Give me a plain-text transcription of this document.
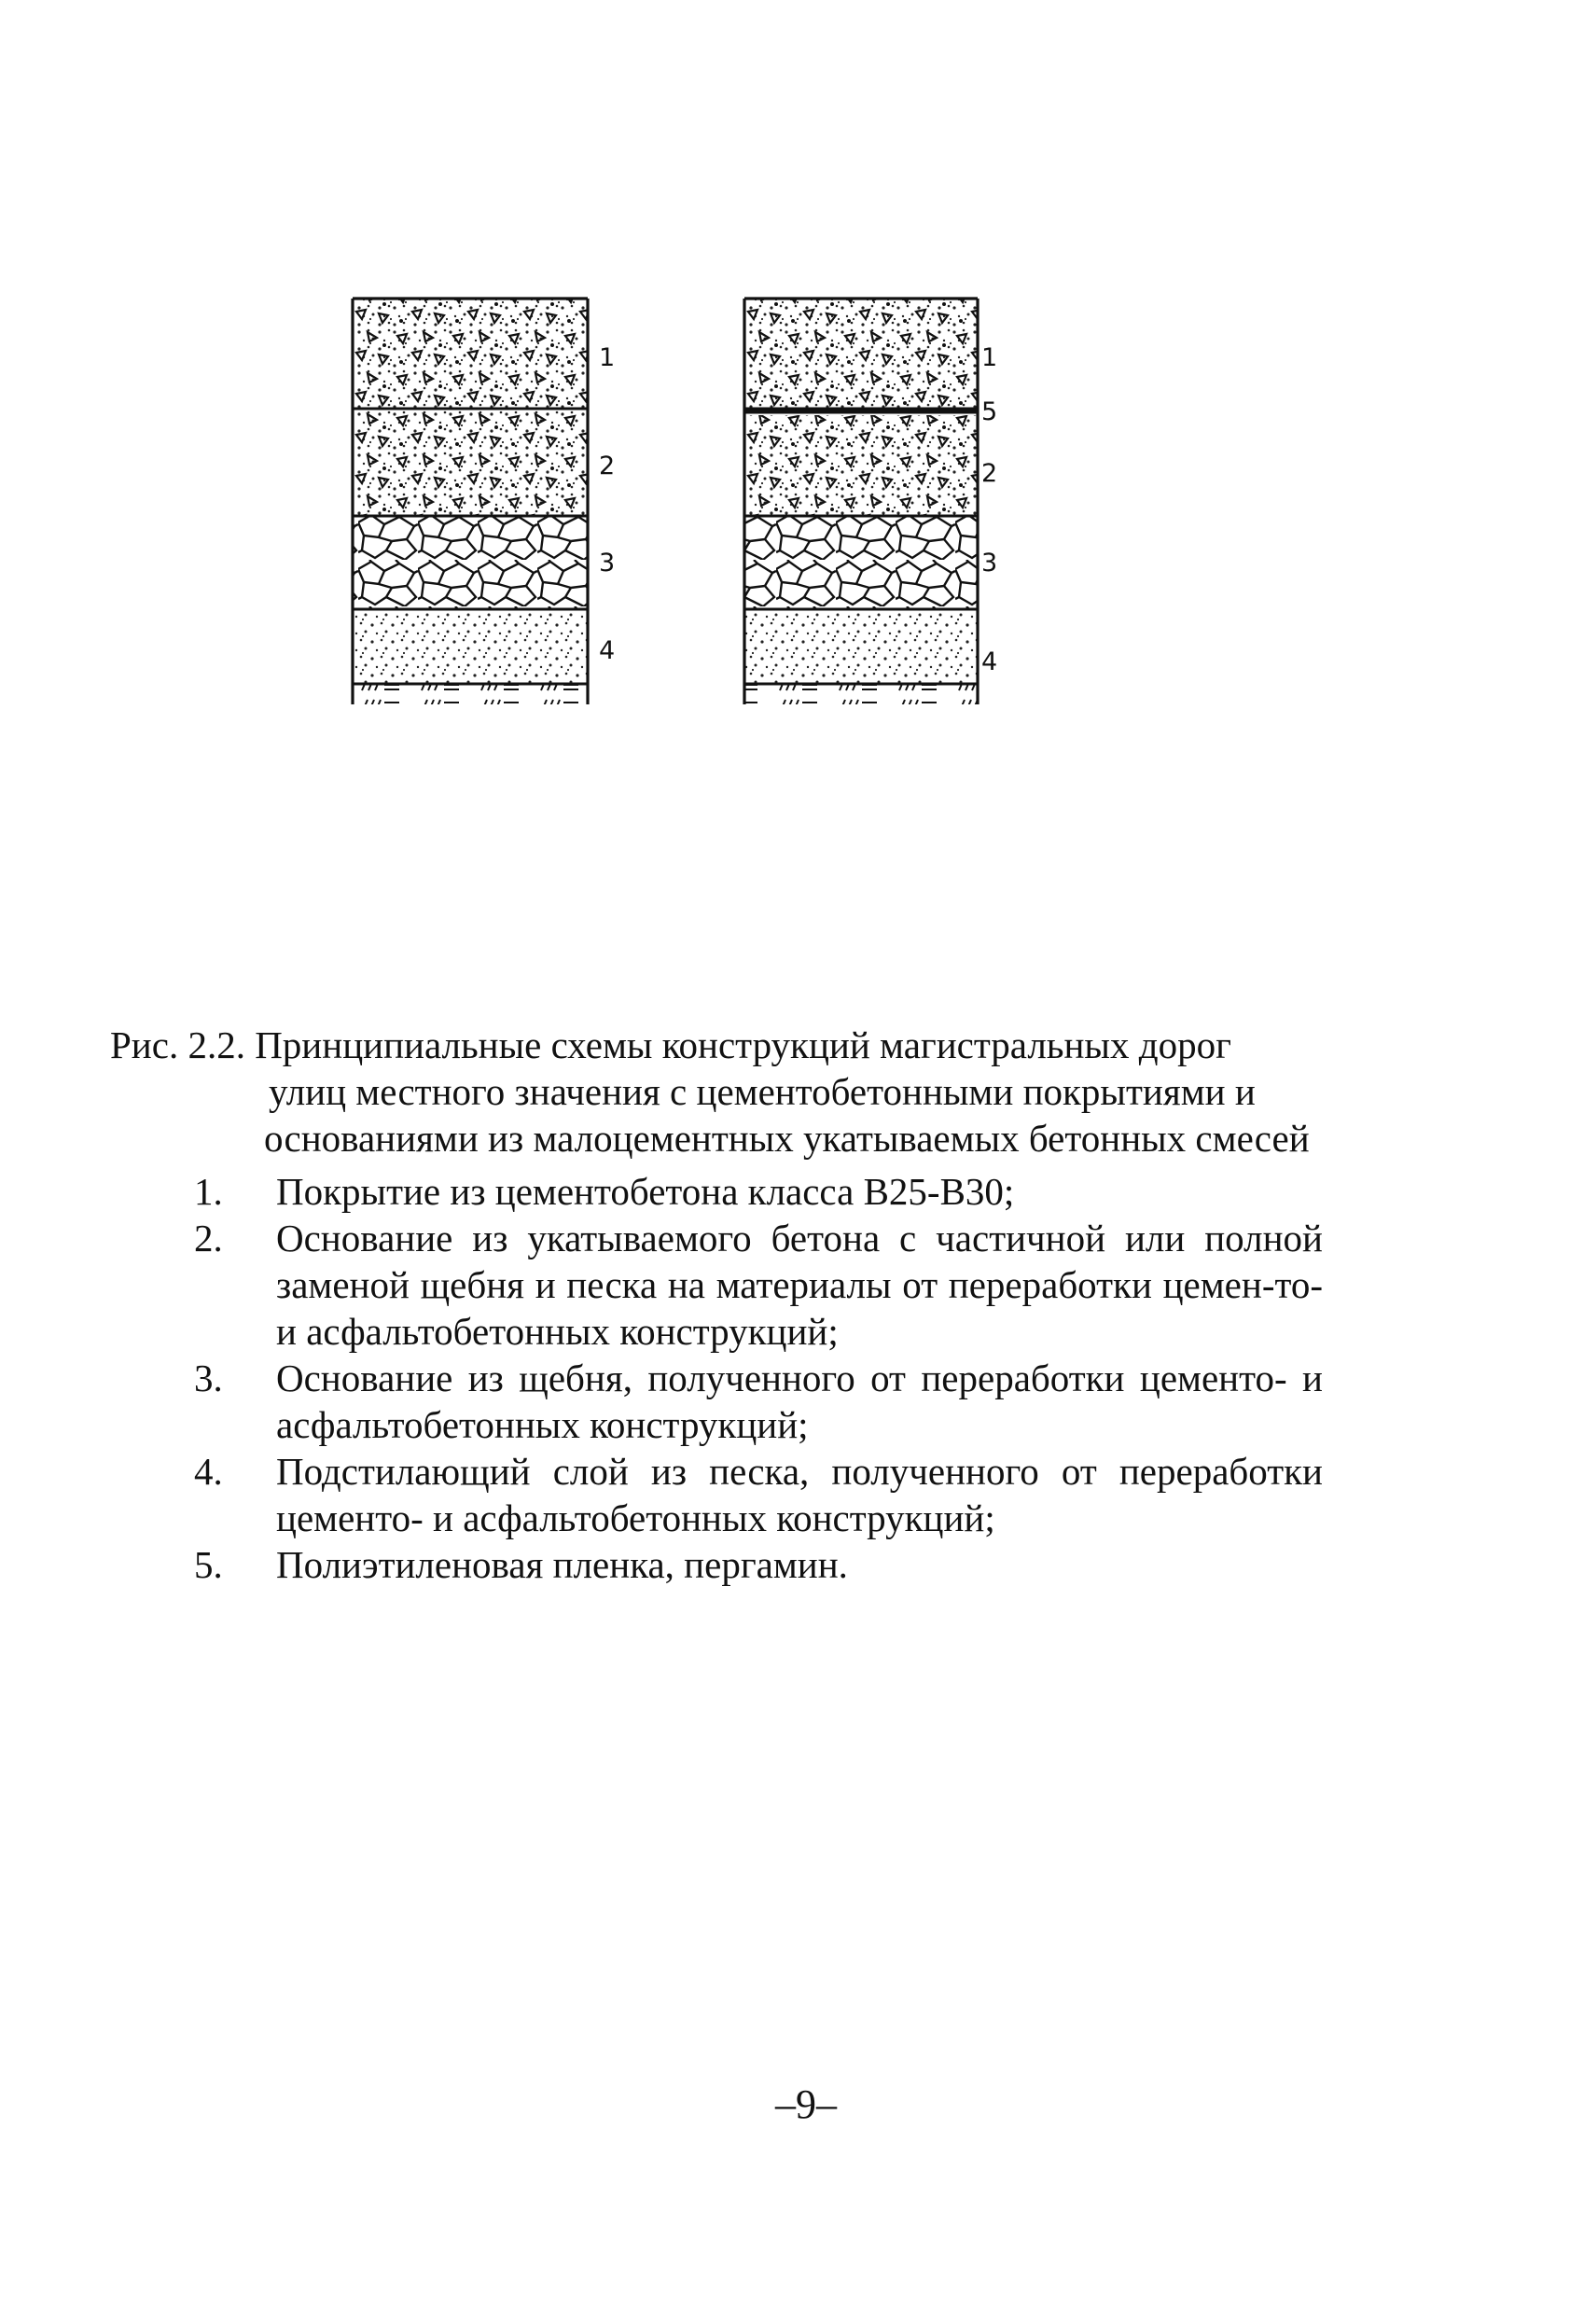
1
2
3
4
1
5
2
3
4
Рис. 2.2. Принципиальные схемы конструкций магистральных дорог
улиц местного значения с цементобетонными покрытиями и
основаниями из малоцементных укатываемых бетонных смесей
1.	Покрытие из цементобетона класса В25-В30;
2.	Основание из укатываемого бетона с частичной или полной заменой щебня и песка на материалы от переработки цемен-то- и асфальтобетонных конструкций;
3.	Основание из щебня, полученного от переработки цементо- и асфальтобетонных конструкций;
4.	Подстилающий слой из песка, полученного от переработки цементо- и асфальтобетонных конструкций;
5.	Полиэтиленовая пленка, пергамин.
–9–
